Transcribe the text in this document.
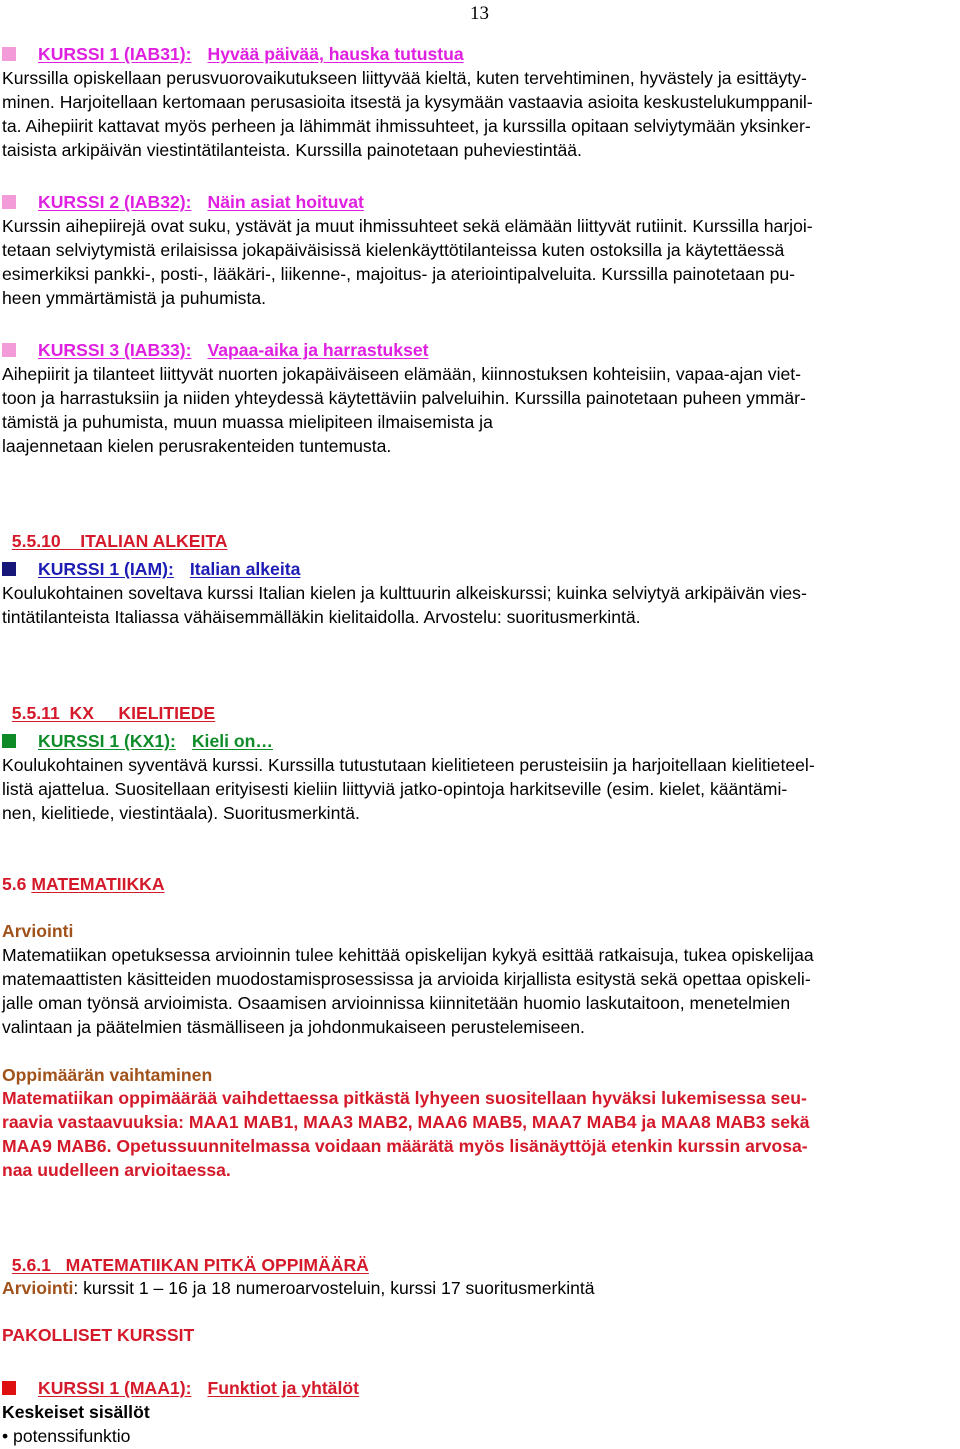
13
KURSSI 1 (IAB31): Hyvää päivää, hauska tutustua
Kurssilla opiskellaan perusvuorovaikutukseen liittyvää kieltä, kuten tervehtiminen, hyvästely ja esittäyty-
minen. Harjoitellaan kertomaan perusasioita itsestä ja kysymään vastaavia asioita keskustelukumppanil-
ta. Aihepiirit kattavat myös perheen ja lähimmät ihmissuhteet, ja kurssilla opitaan selviytymään yksinker-
taisista arkipäivän viestintätilanteista. Kurssilla painotetaan puheviestintää.
KURSSI 2 (IAB32): Näin asiat hoituvat
Kurssin aihepiirejä ovat suku, ystävät ja muut ihmissuhteet sekä elämään liittyvät rutiinit. Kurssilla harjoi-
tetaan selviytymistä erilaisissa jokapäiväisissä kielenkäyttötilanteissa kuten ostoksilla ja käytettäessä
esimerkiksi pankki-, posti-, lääkäri-, liikenne-, majoitus- ja ateriointipalveluita. Kurssilla painotetaan pu-
heen ymmärtämistä ja puhumista.
KURSSI 3 (IAB33): Vapaa-aika ja harrastukset
Aihepiirit ja tilanteet liittyvät nuorten jokapäiväiseen elämään, kiinnostuksen kohteisiin, vapaa-ajan viet-
toon ja harrastuksiin ja niiden yhteydessä käytettäviin palveluihin. Kurssilla painotetaan puheen ymmär-
tämistä ja puhumista, muun muassa mielipiteen ilmaisemista ja
laajennetaan kielen perusrakenteiden tuntemusta.

5.5.10    ITALIAN ALKEITA

KURSSI 1 (IAM): Italian alkeita
Koulukohtainen soveltava kurssi Italian kielen ja kulttuurin alkeiskurssi; kuinka selviytyä arkipäivän vies-
tintätilanteista Italiassa vähäisemmälläkin kielitaidolla. Arvostelu: suoritusmerkintä.

5.5.11  KX     KIELITIEDE

KURSSI 1 (KX1): Kieli on…
Koulukohtainen syventävä kurssi. Kurssilla tutustutaan kielitieteen perusteisiin ja harjoitellaan kielitieteel-
listä ajattelua. Suositellaan erityisesti kieliin liittyviä jatko-opintoja harkitseville (esim. kielet, kääntämi-
nen, kielitiede, viestintäala). Suoritusmerkintä.
5.6 MATEMATIIKKA
Arviointi
Matematiikan opetuksessa arvioinnin tulee kehittää opiskelijan kykyä esittää ratkaisuja, tukea opiskelijaa
matemaattisten käsitteiden muodostamisprosessissa ja arvioida kirjallista esitystä sekä opettaa opiskeli-
jalle oman työnsä arvioimista. Osaamisen arvioinnissa kiinnitetään huomio laskutaitoon, menetelmien
valintaan ja päätelmien täsmälliseen ja johdonmukaiseen perustelemiseen.
Oppimäärän vaihtaminen
Matematiikan oppimäärää vaihdettaessa pitkästä lyhyeen suositellaan hyväksi lukemisessa seu-
raavia vastaavuuksia: MAA1 MAB1, MAA3 MAB2, MAA6 MAB5, MAA7 MAB4 ja MAA8 MAB3 sekä
MAA9 MAB6. Opetussuunnitelmassa voidaan määrätä myös lisänäyttöjä etenkin kurssin arvosa-
naa uudelleen arvioitaessa.

5.6.1   MATEMATIIKAN PITKÄ OPPIMÄÄRÄ

Arviointi: kurssit 1 – 16 ja 18 numeroarvosteluin, kurssi 17 suoritusmerkintä
PAKOLLISET KURSSIT
KURSSI 1 (MAA1): Funktiot ja yhtälöt
Keskeiset sisällöt
• potenssifunktio
